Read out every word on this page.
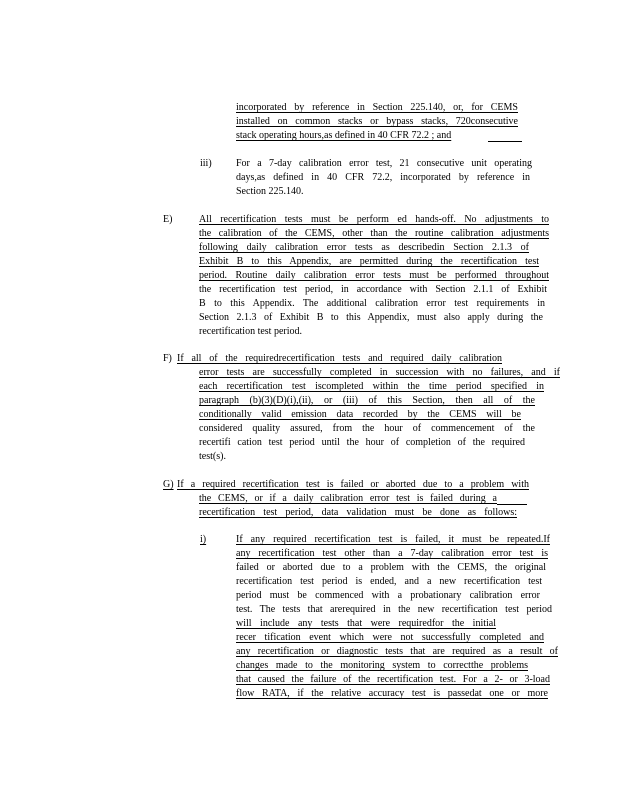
incorporated by reference in Section 225.140, or, for CEMS
installed on common stacks or bypass stacks, 720consecutive
stack operating hours,as defined in 40 CFR 72.2 ; and
iii) For a 7-day calibration error test, 21 consecutive unit operating
days,as defined in 40 CFR 72.2, incorporated by reference in
Section 225.140.
E)	All recertification tests must be perform ed hands-off. No adjustments to
the calibration of the CEMS, other than the routine calibration adjustments
following daily calibration error tests as describedin Section 2.1.3 of
Exhibit B to this Appendix, are permitted during the recertification test
period. Routine daily calibration error tests must be performed throughout
the recertification test period, in accordance with Section 2.1.1 of Exhibit
B to this Appendix. The additional calibration error test requirements in
Section 2.1.3 of Exhibit B to this Appendix, must also apply during the
recertification test period.
F) If all of the requiredrecertification tests and required daily calibration
error tests are successfully completed in succession with no failures, and if
each recertification test iscompleted within the time period specified in
paragraph (b)(3)(D)(i),(ii), or (iii) of this Section, then all of the
conditionally valid emission data recorded by the CEMS will be
considered quality assured, from the hour of commencement of the
recertifi cation test period until the hour of completion of the required
test(s).
G) If a required recertification test is failed or aborted due to a problem with
the CEMS, or if a daily calibration error test is failed during a
recertification test period, data validation must be done as follows:
i)	If any required recertification test is failed, it must be repeated.If
any recertification test other than a 7-day calibration error test is
failed or aborted due to a problem with the CEMS, the original
recertification test period is ended, and a new recertification test
period must be commenced with a probationary calibration error
test. The tests that arerequired in the new recertification test period
will include any tests that were requiredfor the initial
recer tification event which were not successfully completed and
any recertification or diagnostic tests that are required as a result of
changes made to the monitoring system to correctthe problems
that caused the failure of the recertification test. For a 2- or 3-load
flow RATA, if the relative accuracy test is passedat one or more
